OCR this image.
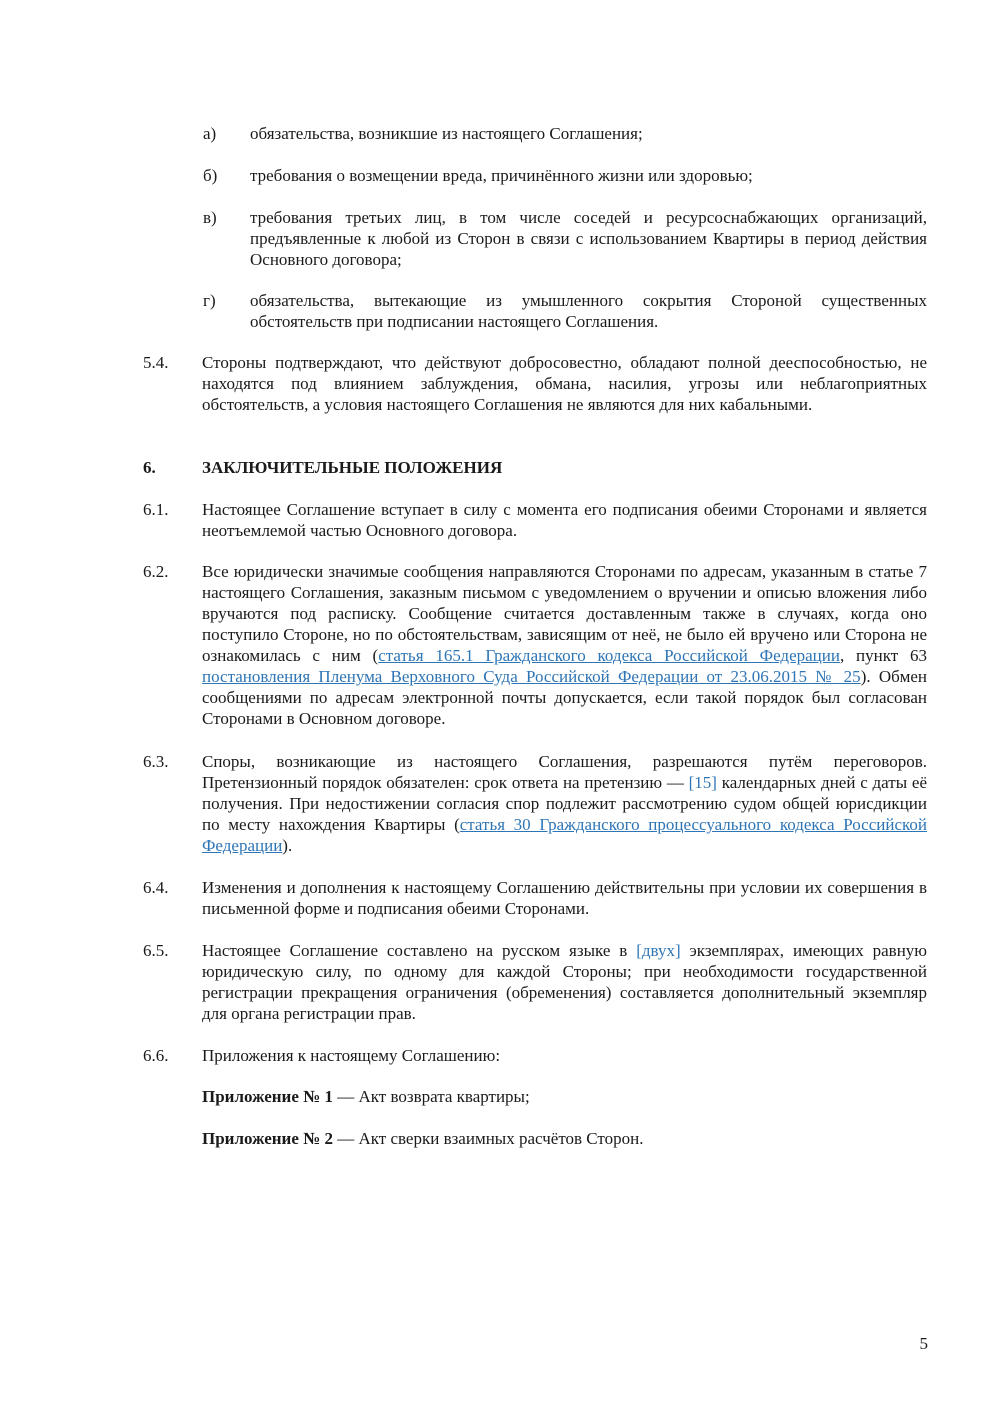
а) обязательства, возникшие из настоящего Соглашения;
б) требования о возмещении вреда, причинённого жизни или здоровью;
в) требования третьих лиц, в том числе соседей и ресурсоснабжающих организаций, предъявленные к любой из Сторон в связи с использованием Квартиры в период действия Основного договора;
г) обязательства, вытекающие из умышленного сокрытия Стороной существенных обстоятельств при подписании настоящего Соглашения.
5.4. Стороны подтверждают, что действуют добросовестно, обладают полной дееспособностью, не находятся под влиянием заблуждения, обмана, насилия, угрозы или неблагоприятных обстоятельств, а условия настоящего Соглашения не являются для них кабальными.
6.	ЗАКЛЮЧИТЕЛЬНЫЕ ПОЛОЖЕНИЯ
6.1. Настоящее Соглашение вступает в силу с момента его подписания обеими Сторонами и является неотъемлемой частью Основного договора.
6.2. Все юридически значимые сообщения направляются Сторонами по адресам, указанным в статье 7 настоящего Соглашения, заказным письмом с уведомлением о вручении и описью вложения либо вручаются под расписку. Сообщение считается доставленным также в случаях, когда оно поступило Стороне, но по обстоятельствам, зависящим от неё, не было ей вручено или Сторона не ознакомилась с ним (статья 165.1 Гражданского кодекса Российской Федерации, пункт 63 постановления Пленума Верховного Суда Российской Федерации от 23.06.2015 № 25). Обмен сообщениями по адресам электронной почты допускается, если такой порядок был согласован Сторонами в Основном договоре.
6.3. Споры, возникающие из настоящего Соглашения, разрешаются путём переговоров. Претензионный порядок обязателен: срок ответа на претензию — [15] календарных дней с даты её получения. При недостижении согласия спор подлежит рассмотрению судом общей юрисдикции по месту нахождения Квартиры (статья 30 Гражданского процессуального кодекса Российской Федерации).
6.4. Изменения и дополнения к настоящему Соглашению действительны при условии их совершения в письменной форме и подписания обеими Сторонами.
6.5. Настоящее Соглашение составлено на русском языке в [двух] экземплярах, имеющих равную юридическую силу, по одному для каждой Стороны; при необходимости государственной регистрации прекращения ограничения (обременения) составляется дополнительный экземпляр для органа регистрации прав.
6.6. Приложения к настоящему Соглашению:
Приложение № 1 — Акт возврата квартиры;
Приложение № 2 — Акт сверки взаимных расчётов Сторон.
5
